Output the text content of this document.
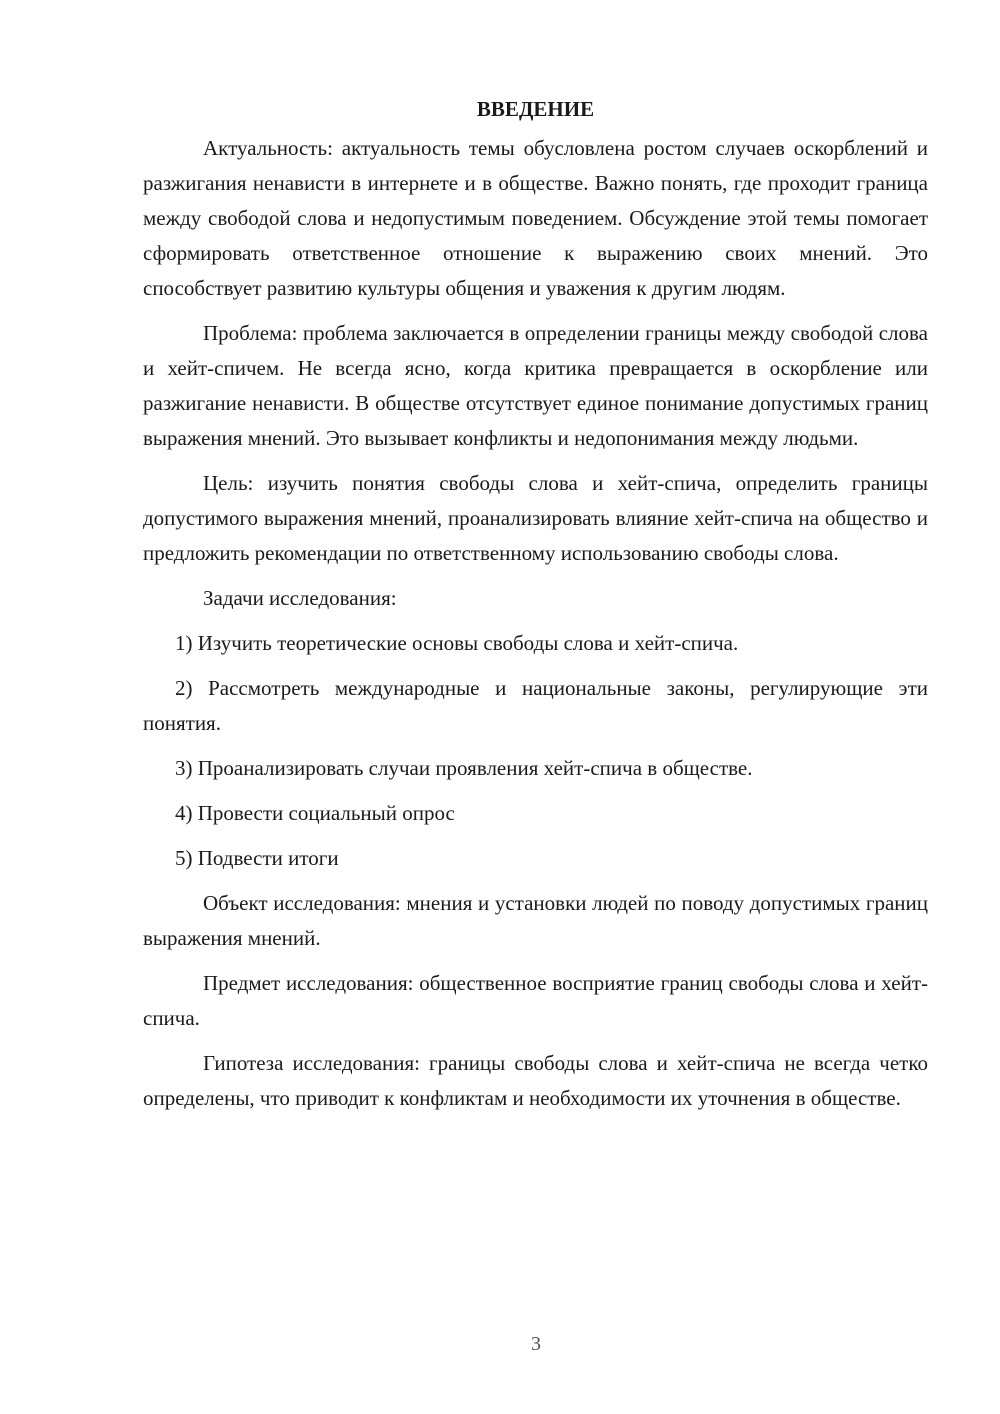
ВВЕДЕНИЕ

Актуальность: актуальность темы обусловлена ростом случаев оскорблений и разжигания ненависти в интернете и в обществе. Важно понять, где проходит граница между свободой слова и недопустимым поведением. Обсуждение этой темы помогает сформировать ответственное отношение к выражению своих мнений. Это способствует развитию культуры общения и уважения к другим людям.

Проблема: проблема заключается в определении границы между свободой слова и хейт-спичем. Не всегда ясно, когда критика превращается в оскорбление или разжигание ненависти. В обществе отсутствует единое понимание допустимых границ выражения мнений. Это вызывает конфликты и недопонимания между людьми.

Цель: изучить понятия свободы слова и хейт-спича, определить границы допустимого выражения мнений, проанализировать влияние хейт-спича на общество и предложить рекомендации по ответственному использованию свободы слова.

Задачи исследования:

1) Изучить теоретические основы свободы слова и хейт-спича.

2) Рассмотреть международные и национальные законы, регулирующие эти понятия.

3) Проанализировать случаи проявления хейт-спича в обществе.

4) Провести социальный опрос

5) Подвести итоги

Объект исследования: мнения и установки людей по поводу допустимых границ выражения мнений.

Предмет исследования: общественное восприятие границ свободы слова и хейт-спича.

Гипотеза исследования: границы свободы слова и хейт-спича не всегда четко определены, что приводит к конфликтам и необходимости их уточнения в обществе.

3
